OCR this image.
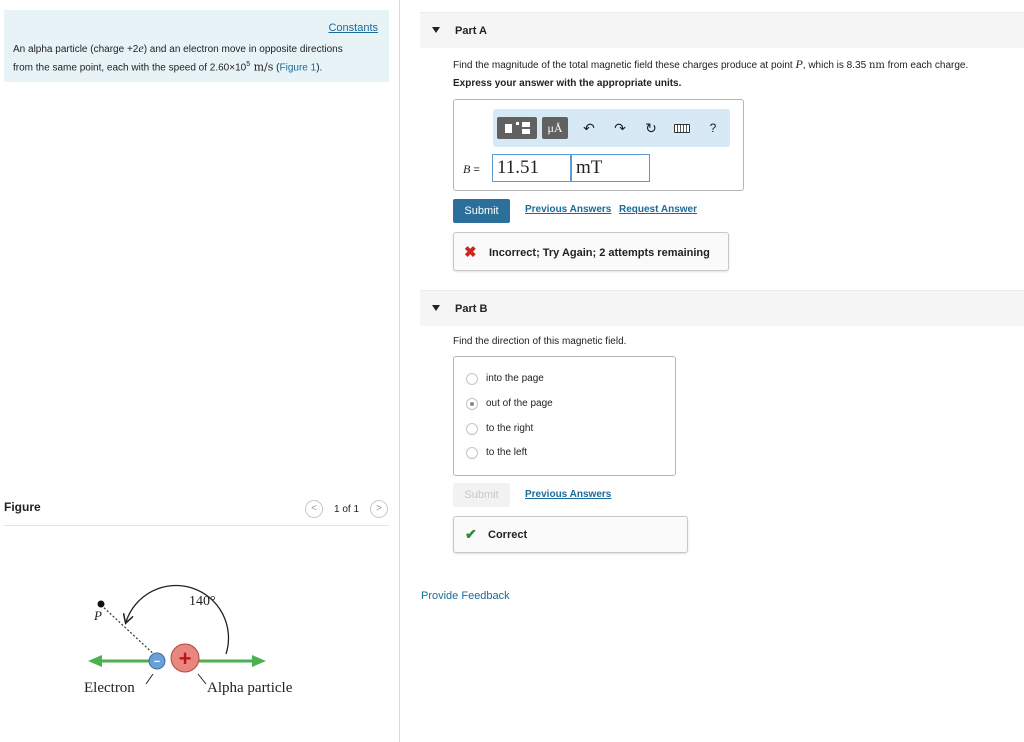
Constants
An alpha particle (charge +2e) and an electron move in opposite directions
from the same point, each with the speed of $2.60\times 10^5$ m/s (Figure 1).
Figure	<	1 of 1	>
P
140°
+
−
Electron	Alpha particle
Part A
Find the magnitude of the total magnetic field these charges produce at point P, which is 8.35 nm from each charge.
Express your answer with the appropriate units.
μÅ	↶ ↷ ↻	?
B = 11.51	mT
Submit	Previous Answers Request Answer
✖ Incorrect; Try Again; 2 attempts remaining
Part B
Find the direction of this magnetic field.
into the page
out of the page
to the right
to the left
Submit	Previous Answers
✔ Correct
Provide Feedback
